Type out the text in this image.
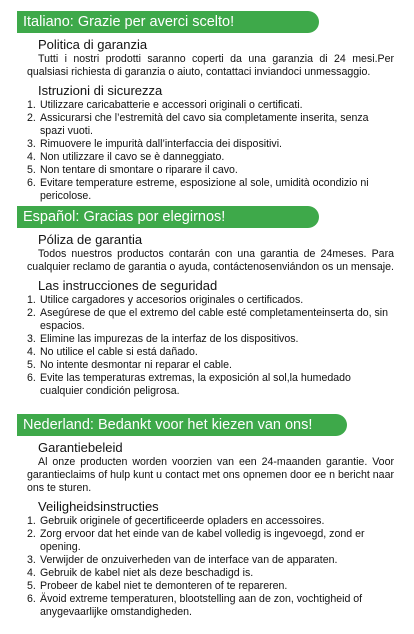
Italiano: Grazie per averci scelto!
Politica di garanzia
Tutti i nostri prodotti saranno coperti da una garanzia di 24 mesi.Per qualsiasi richiesta di garanzia o aiuto, contattaci inviandoci unmessaggio.
Istruzioni di sicurezza
1. Utilizzare caricabatterie e accessori originali o certificati.
2. Assicurarsi che l’estremità del cavo sia completamente inserita, senza spazi vuoti.
3. Rimuovere le impurità dall’interfaccia dei dispositivi.
4. Non utilizzare il cavo se è danneggiato.
5. Non tentare di smontare o riparare il cavo.
6. Evitare temperature estreme, esposizione al sole, umidità ocondizio ni pericolose.
Español: Gracias por elegirnos!
Póliza de garantia
Todos nuestros productos contarán con una garantia de 24meses. Para cualquier reclamo de garantia o ayuda, contáctenosenviándon os un mensaje.
Las instrucciones de seguridad
1. Utilice cargadores y accesorios originales o certificados.
2. Asegúrese de que el extremo del cable esté completamenteinserta do, sin espacios.
3. Elimine las impurezas de la interfaz de los dispositivos.
4. No utilice el cable si está dañado.
5. No intente desmontar ni reparar el cable.
6. Evite las temperaturas extremas, la exposición al sol,la humedado cualquier condición peligrosa.
Nederland: Bedankt voor het kiezen van ons!
Garantiebeleid
Al onze producten worden voorzien van een 24-maanden garantie. Voor garantieclaims of hulp kunt u contact met ons opnemen door ee n bericht naar ons te sturen.
Veiligheidsinstructies
1. Gebruik originele of gecertificeerde opladers en accessoires.
2. Zorg ervoor dat het einde van de kabel volledig is ingevoegd, zond er opening.
3. Verwijder de onzuiverheden van de interface van de apparaten.
4. Gebruik de kabel niet als deze beschadigd is.
5. Probeer de kabel niet te demonteren of te repareren.
6. Ävoid extreme temperaturen, blootstelling aan de zon, vochtigheid of anygevaarlijke omstandigheden.
